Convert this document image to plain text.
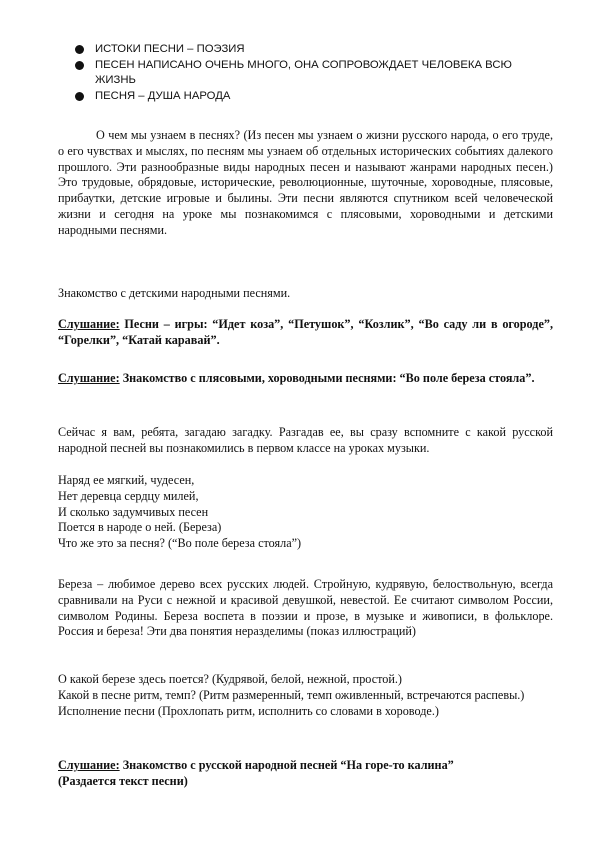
ИСТОКИ ПЕСНИ – ПОЭЗИЯ
ПЕСЕН НАПИСАНО ОЧЕНЬ МНОГО, ОНА СОПРОВОЖДАЕТ ЧЕЛОВЕКА ВСЮ ЖИЗНЬ
ПЕСНЯ – ДУША НАРОДА

О чем мы узнаем в песнях? (Из песен мы узнаем о жизни русского народа, о его труде, о его чувствах и мыслях, по песням мы узнаем об отдельных исторических событиях далекого прошлого. Эти разнообразные виды народных песен и называют жанрами народных песен.) Это трудовые, обрядовые, исторические, революционные, шуточные, хороводные, плясовые, прибаутки, детские игровые и былины. Эти песни являются спутником всей человеческой жизни и сегодня на уроке мы познакомимся с плясовыми, хороводными и детскими народными песнями.

Знакомство с детскими народными песнями.

Слушание: Песни – игры: “Идет коза”, “Петушок”, “Козлик”, “Во саду ли в огороде”, “Горелки”, “Катай каравай”.

Слушание: Знакомство с плясовыми, хороводными песнями: “Во поле береза стояла”.

Сейчас я вам, ребята, загадаю загадку. Разгадав ее, вы сразу вспомните с какой русской народной песней вы познакомились в первом классе на уроках музыки.

Наряд ее мягкий, чудесен,
Нет деревца сердцу милей,
И сколько задумчивых песен
Поется в народе о ней. (Береза)
Что же это за песня? (“Во поле береза стояла”)

Береза – любимое дерево всех русских людей. Стройную, кудрявую, белоствольную, всегда сравнивали на Руси с нежной и красивой девушкой, невестой. Ее считают символом России, символом Родины. Береза воспета в поэзии и прозе, в музыке и живописи, в фольклоре. Россия и береза! Эти два понятия неразделимы (показ иллюстраций)

О какой березе здесь поется? (Кудрявой, белой, нежной, простой.)
Какой в песне ритм, темп? (Ритм размеренный, темп оживленный, встречаются распевы.)
Исполнение песни (Прохлопать ритм, исполнить со словами в хороводе.)
Слушание: Знакомство с русской народной песней “На горе-то калина”
(Раздается текст песни)
